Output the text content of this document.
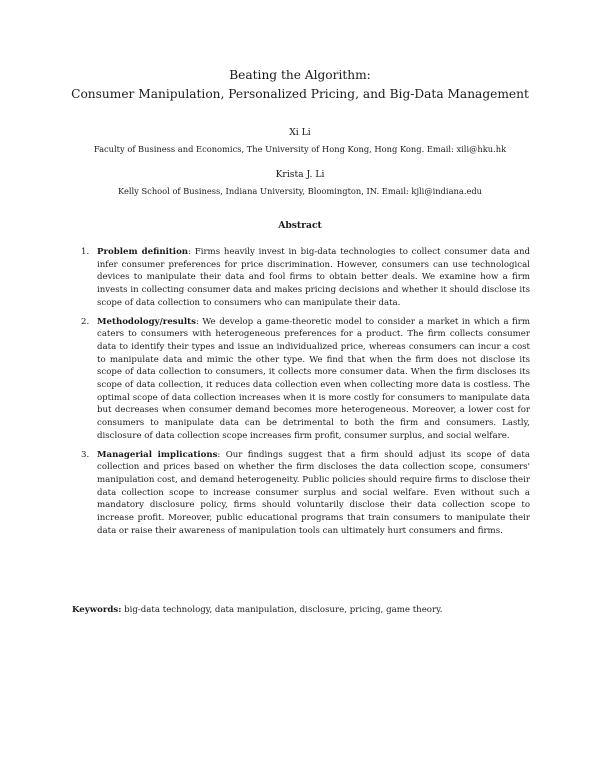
Beating the Algorithm:
Consumer Manipulation, Personalized Pricing, and Big-Data Management
Xi Li
Faculty of Business and Economics, The University of Hong Kong, Hong Kong. Email: xili@hku.hk
Krista J. Li
Kelly School of Business, Indiana University, Bloomington, IN. Email: kjli@indiana.edu
Abstract
1. Problem definition: Firms heavily invest in big-data technologies to collect consumer data and infer consumer preferences for price discrimination. However, consumers can use technological devices to manipulate their data and fool firms to obtain better deals. We examine how a firm invests in collecting consumer data and makes pricing decisions and whether it should disclose its scope of data collection to consumers who can manipulate their data.
2. Methodology/results: We develop a game-theoretic model to consider a market in which a firm caters to consumers with heterogeneous preferences for a product. The firm collects consumer data to identify their types and issue an individualized price, whereas consumers can incur a cost to manipulate data and mimic the other type. We find that when the firm does not disclose its scope of data collection to consumers, it collects more consumer data. When the firm discloses its scope of data collection, it reduces data collection even when collecting more data is costless. The optimal scope of data collection increases when it is more costly for consumers to manipulate data but decreases when consumer demand becomes more heterogeneous. Moreover, a lower cost for consumers to manipulate data can be detrimental to both the firm and consumers. Lastly, disclosure of data collection scope increases firm profit, consumer surplus, and social welfare.
3. Managerial implications: Our findings suggest that a firm should adjust its scope of data collection and prices based on whether the firm discloses the data collection scope, consumers' manipulation cost, and demand heterogeneity. Public policies should require firms to disclose their data collection scope to increase consumer surplus and social welfare. Even without such a mandatory disclosure policy, firms should voluntarily disclose their data collection scope to increase profit. Moreover, public educational programs that train consumers to manipulate their data or raise their awareness of manipulation tools can ultimately hurt consumers and firms.
Keywords: big-data technology, data manipulation, disclosure, pricing, game theory.
